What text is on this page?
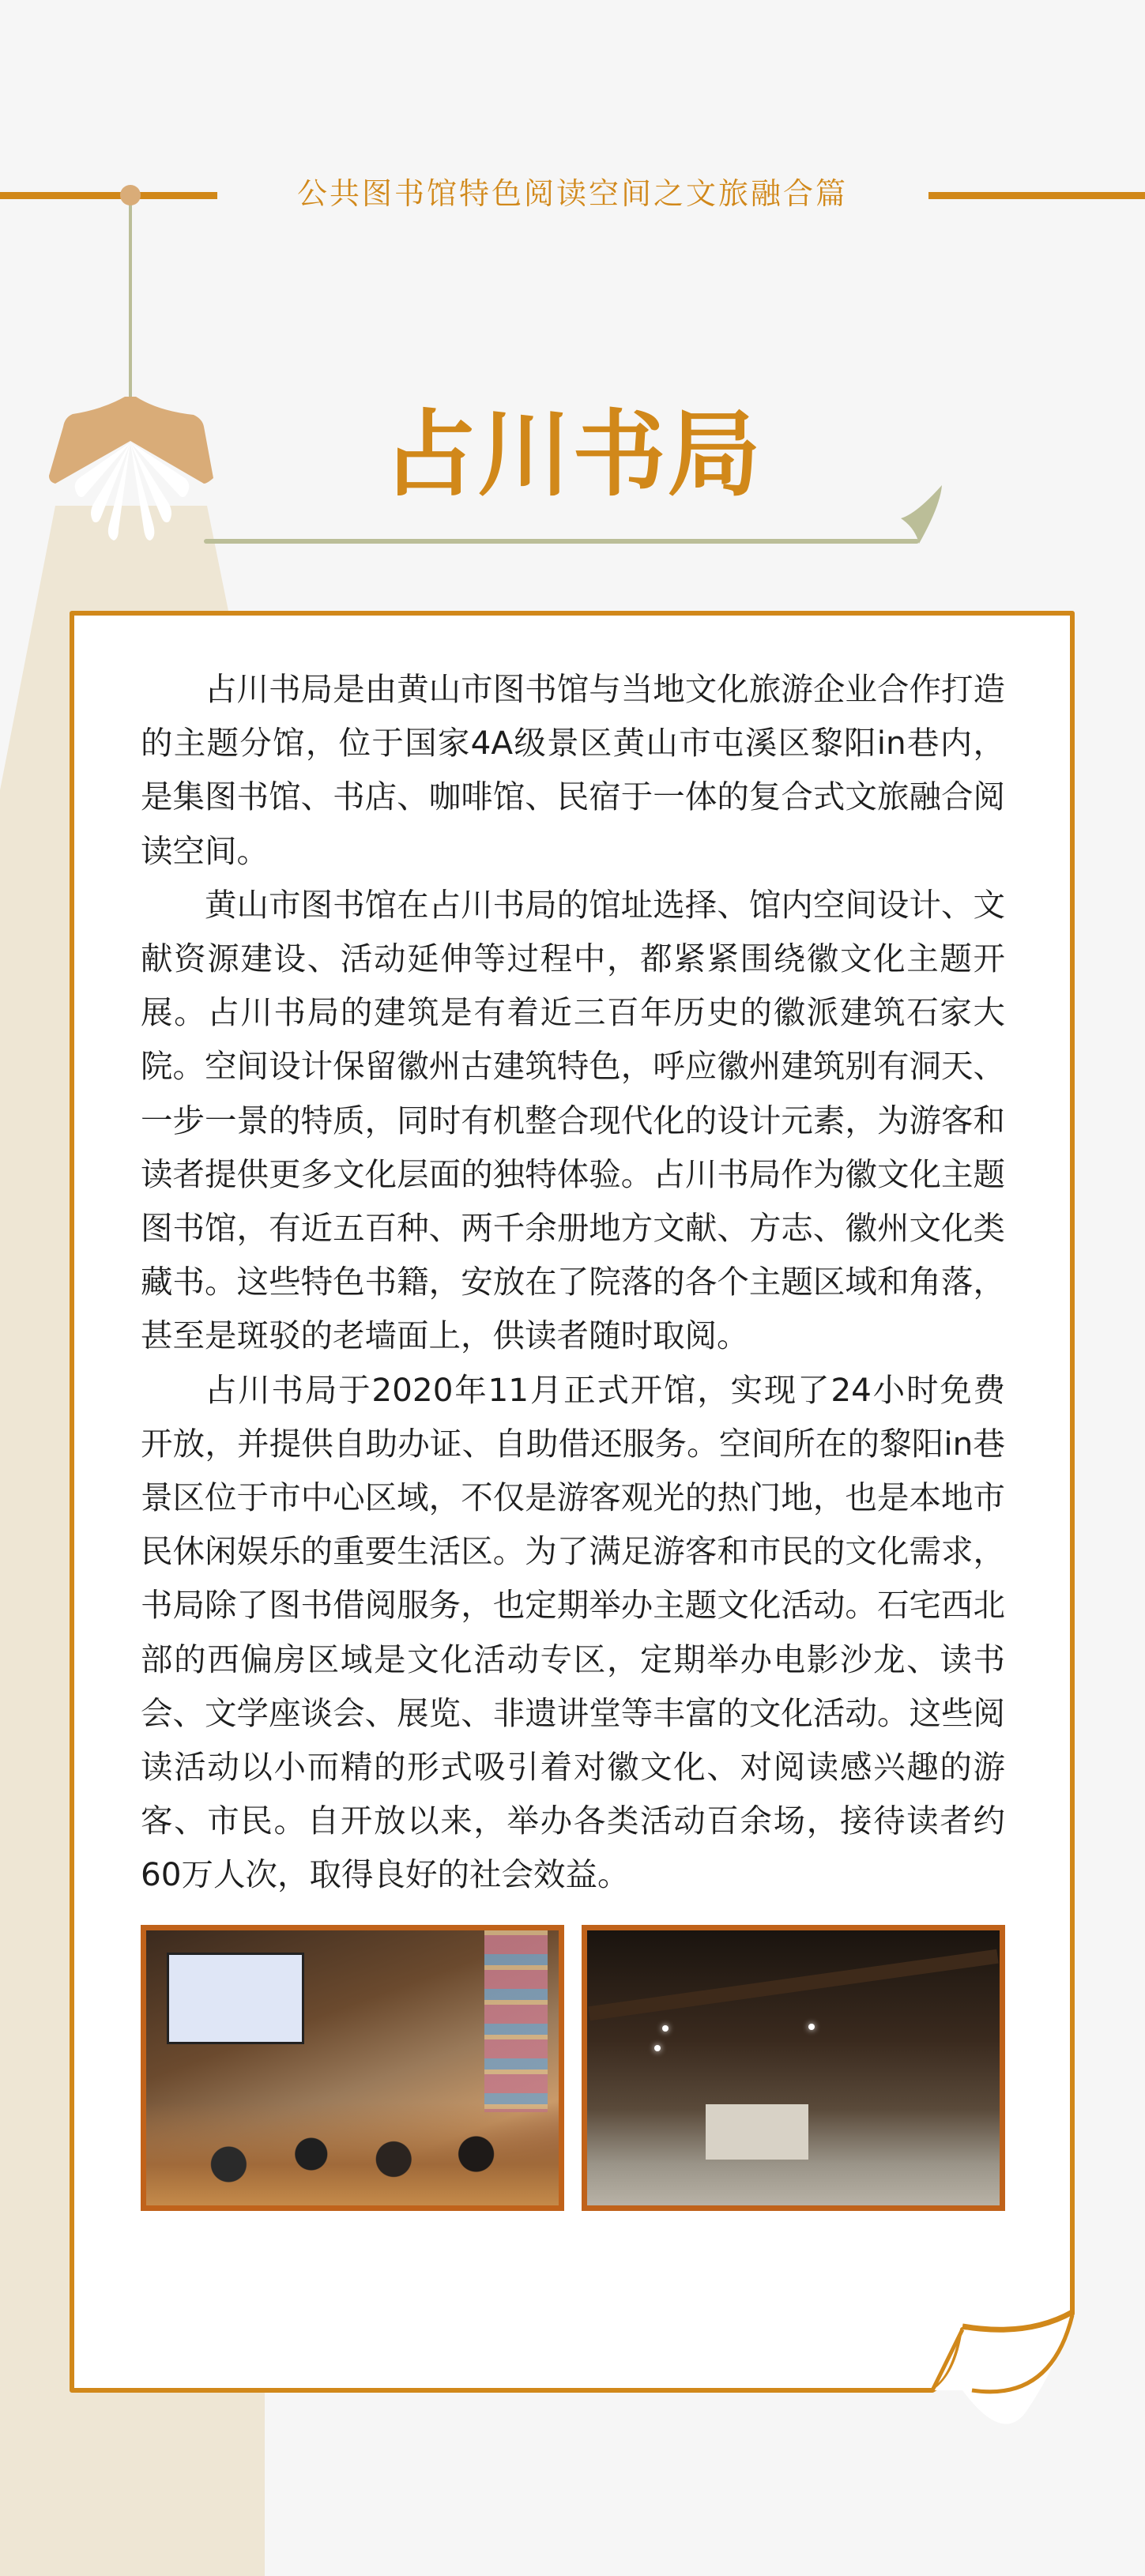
公共图书馆特色阅读空间之文旅融合篇
占川书局

占川书局是由黄山市图书馆与当地文化旅游企业合作打造的主题分馆，位于国家4A级景区黄山市屯溪区黎阳in巷内，是集图书馆、书店、咖啡馆、民宿于一体的复合式文旅融合阅读空间。

黄山市图书馆在占川书局的馆址选择、馆内空间设计、文献资源建设、活动延伸等过程中，都紧紧围绕徽文化主题开展。占川书局的建筑是有着近三百年历史的徽派建筑石家大院。空间设计保留徽州古建筑特色，呼应徽州建筑别有洞天、一步一景的特质，同时有机整合现代化的设计元素，为游客和读者提供更多文化层面的独特体验。占川书局作为徽文化主题图书馆，有近五百种、两千余册地方文献、方志、徽州文化类藏书。这些特色书籍，安放在了院落的各个主题区域和角落，甚至是斑驳的老墙面上，供读者随时取阅。

占川书局于2020年11月正式开馆，实现了24小时免费开放，并提供自助办证、自助借还服务。空间所在的黎阳in巷景区位于市中心区域，不仅是游客观光的热门地，也是本地市民休闲娱乐的重要生活区。为了满足游客和市民的文化需求，书局除了图书借阅服务，也定期举办主题文化活动。石宅西北部的西偏房区域是文化活动专区，定期举办电影沙龙、读书会、文学座谈会、展览、非遗讲堂等丰富的文化活动。这些阅读活动以小而精的形式吸引着对徽文化、对阅读感兴趣的游客、市民。自开放以来，举办各类活动百余场，接待读者约60万人次，取得良好的社会效益。
